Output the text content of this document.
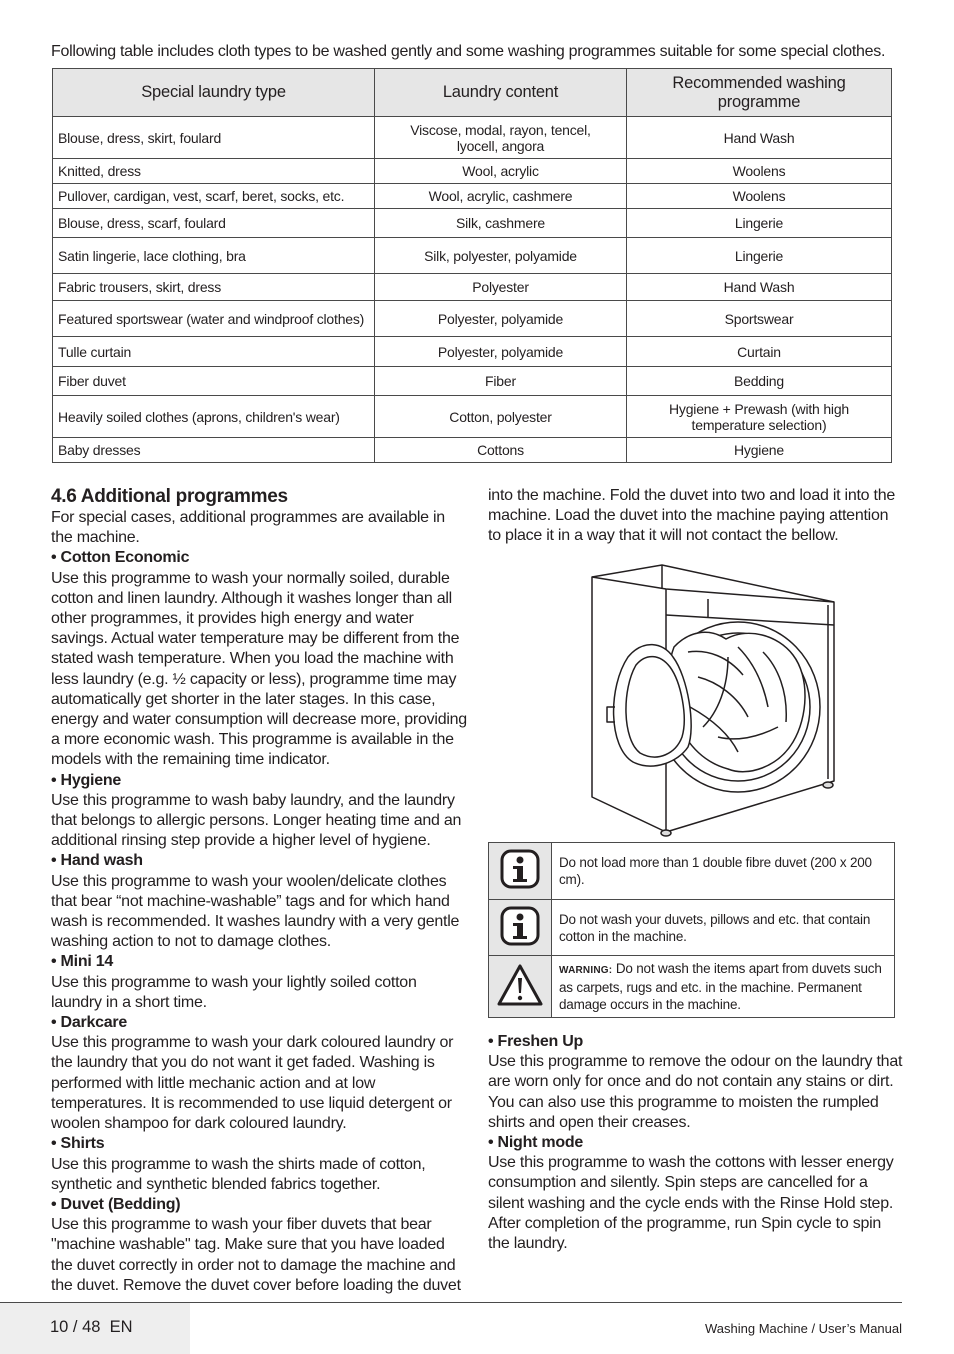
Following table includes cloth types to be washed gently and some washing programmes suitable for some special clothes.
Special laundry type	Laundry content	Recommended washing programme
Blouse, dress, skirt, foulard	Viscose, modal, rayon, tencel, lyocell, angora	Hand Wash
Knitted, dress	Wool, acrylic	Woolens
Pullover, cardigan, vest, scarf, beret, socks, etc.	Wool, acrylic, cashmere	Woolens
Blouse, dress, scarf, foulard	Silk, cashmere	Lingerie
Satin lingerie, lace clothing, bra	Silk, polyester, polyamide	Lingerie
Fabric trousers, skirt, dress	Polyester	Hand Wash
Featured sportswear (water and windproof clothes)	Polyester, polyamide	Sportswear
Tulle curtain	Polyester, polyamide	Curtain
Fiber duvet	Fiber	Bedding
Heavily soiled clothes (aprons, children's wear)	Cotton, polyester	Hygiene + Prewash (with high temperature selection)
Baby dresses	Cottons	Hygiene
4.6 Additional programmes

For special cases, additional programmes are available in the machine.

• Cotton Economic

Use this programme to wash your normally soiled, durable cotton and linen laundry. Although it washes longer than all other programmes, it provides high energy and water savings. Actual water temperature may be different from the stated wash temperature. When you load the machine with less laundry (e.g. ½ capacity or less), programme time may automatically get shorter in the later stages. In this case, energy and water consumption will decrease more, providing a more economic wash. This programme is available in the models with the remaining time indicator.

• Hygiene

Use this programme to wash baby laundry, and the laundry that belongs to allergic persons. Longer heating time and an additional rinsing step provide a higher level of hygiene.

• Hand wash

Use this programme to wash your woolen/delicate clothes that bear “not machine-washable” tags and for which hand wash is recommended. It washes laundry with a very gentle washing action to not to damage clothes.

• Mini 14

Use this programme to wash your lightly soiled cotton laundry in a short time.

• Darkcare

Use this programme to wash your dark coloured laundry or the laundry that you do not want it get faded. Washing is performed with little mechanic action and at low temperatures. It is recommended to use liquid detergent or woolen shampoo for dark coloured laundry.

• Shirts

Use this programme to wash the shirts made of cotton, synthetic and synthetic blended fabrics together.

• Duvet (Bedding)

Use this programme to wash your fiber duvets that bear "machine washable" tag. Make sure that you have loaded the duvet correctly in order not to damage the machine and the duvet. Remove the duvet cover before loading the duvet

into the machine. Fold the duvet into two and load it into the machine. Load the duvet into the machine paying attention to place it in a way that it will not contact the bellow.

	Do not load more than 1 double fibre duvet (200 x 200 cm).
	Do not wash your duvets, pillows and etc. that contain cotton in the machine.
	WARNING: Do not wash the items apart from duvets such as carpets, rugs and etc. in the machine. Permanent damage occurs in the machine.

• Freshen Up

Use this programme to remove the odour on the laundry that are worn only for once and do not contain any stains or dirt. You can also use this programme to moisten the rumpled shirts and open their creases.

• Night mode

Use this programme to wash the cottons with lesser energy consumption and silently. Spin steps are cancelled for a silent washing and the cycle ends with the Rinse Hold step. After completion of the programme, run Spin cycle to spin the laundry.

10 / 48  EN	Washing Machine / User’s Manual
